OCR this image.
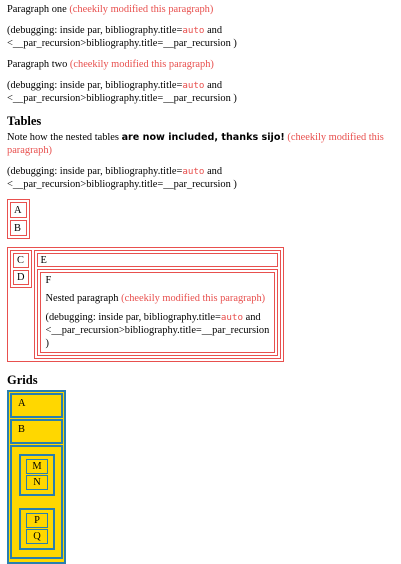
Paragraph one (cheekily modified this paragraph)

(debugging: inside par, bibliography.title=auto and
<__par_recursion>bibliography.title=__par_recursion )

Paragraph two (cheekily modified this paragraph)

(debugging: inside par, bibliography.title=auto and
<__par_recursion>bibliography.title=__par_recursion )

Tables

Note how the nested tables are now included, thanks sijo! (cheekily modified this paragraph)

(debugging: inside par, bibliography.title=auto and
<__par_recursion>bibliography.title=__par_recursion )

A
B
C
D

E

F

Nested paragraph (cheekily modified this paragraph)

(debugging: inside par, bibliography.title=auto and
<__par_recursion>bibliography.title=__par_recursion )

Grids
A
B
M
N
P
Q
